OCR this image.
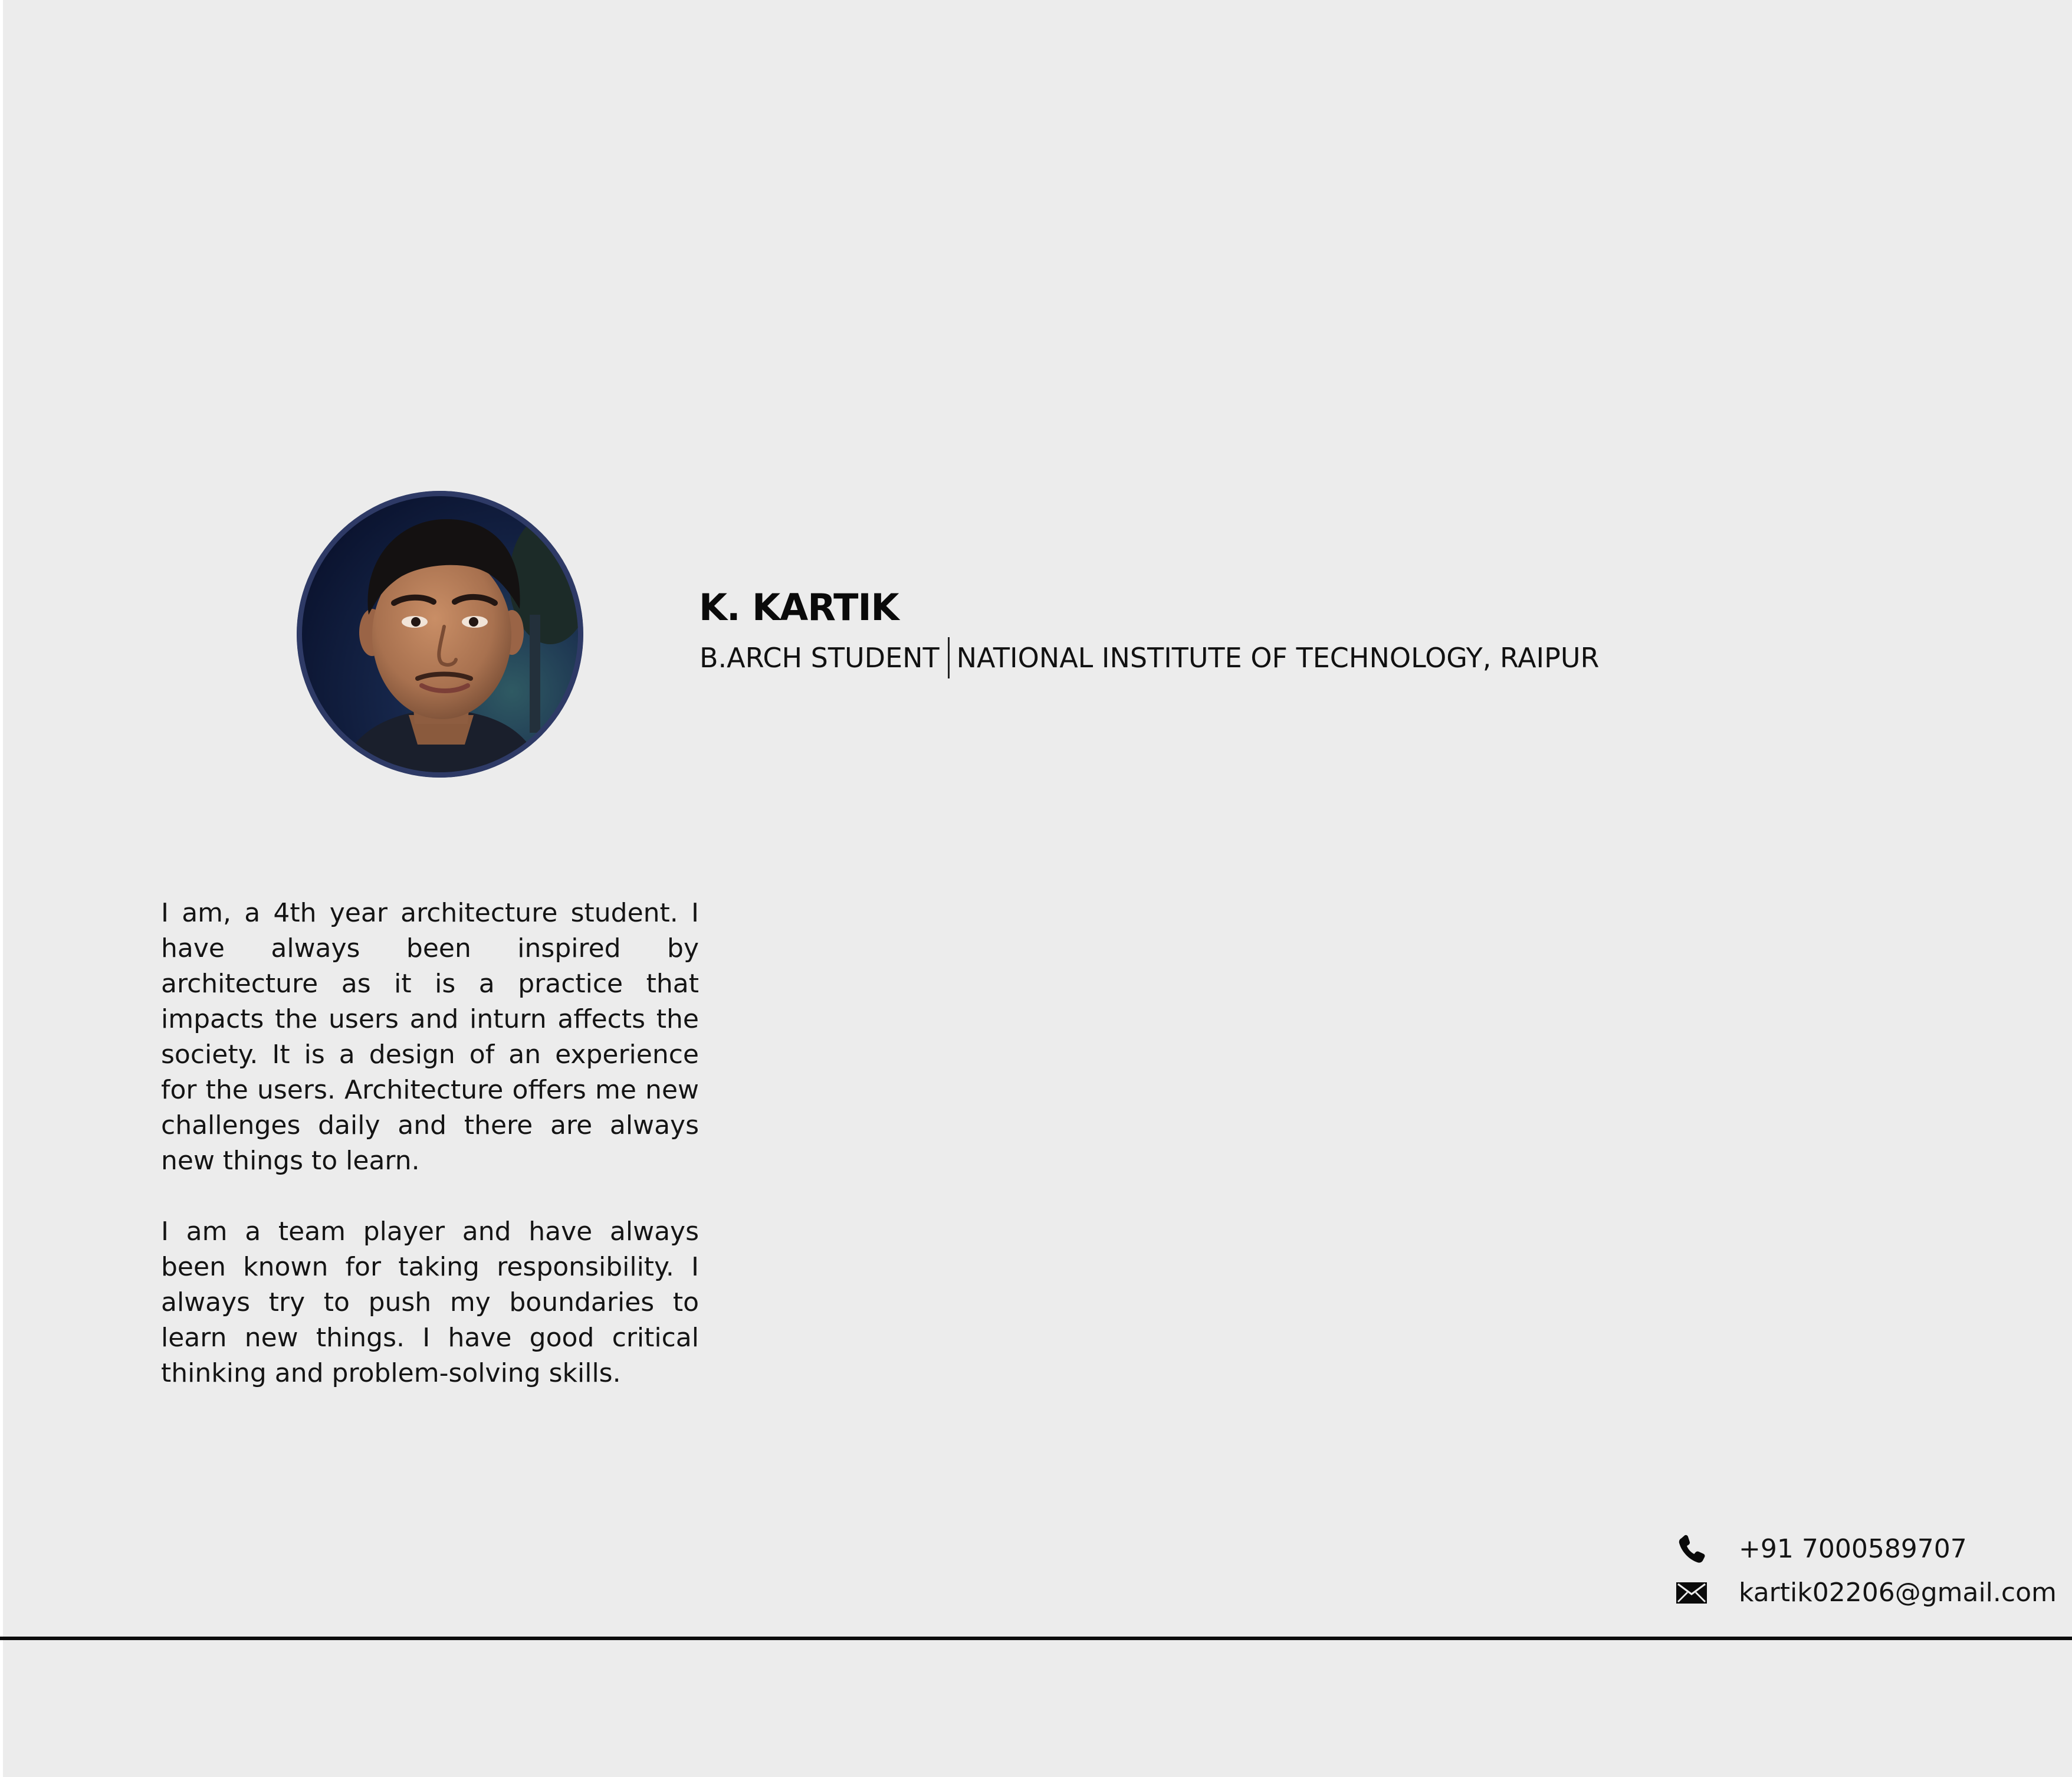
K. KARTIK
B.ARCH STUDENT NATIONAL INSTITUTE OF TECHNOLOGY, RAIPUR

I am, a 4th year architecture student. I have always been inspired by architecture as it is a practice that impacts the users and inturn affects the society. It is a design of an experience for the users. Architecture offers me new challenges daily and there are always new things to learn.

I am a team player and have always been known for taking responsibility. I always try to push my boundaries to learn new things. I have good critical thinking and problem-solving skills.

+91 7000589707
kartik02206@gmail.com
